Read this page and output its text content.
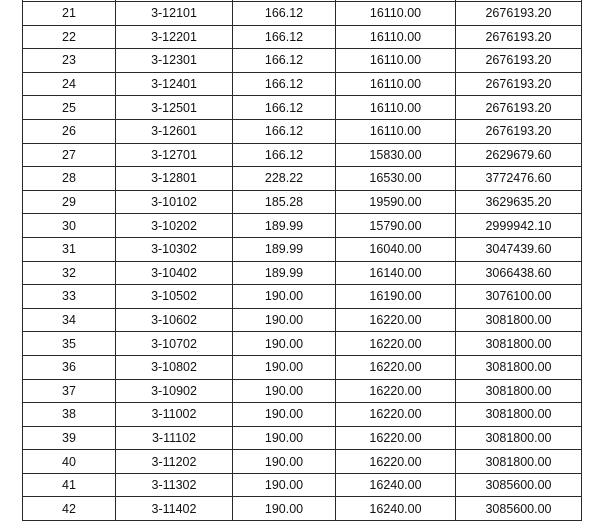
21	3-12101	166.12	16110.00	2676193.20
22	3-12201	166.12	16110.00	2676193.20
23	3-12301	166.12	16110.00	2676193.20
24	3-12401	166.12	16110.00	2676193.20
25	3-12501	166.12	16110.00	2676193.20
26	3-12601	166.12	16110.00	2676193.20
27	3-12701	166.12	15830.00	2629679.60
28	3-12801	228.22	16530.00	3772476.60
29	3-10102	185.28	19590.00	3629635.20
30	3-10202	189.99	15790.00	2999942.10
31	3-10302	189.99	16040.00	3047439.60
32	3-10402	189.99	16140.00	3066438.60
33	3-10502	190.00	16190.00	3076100.00
34	3-10602	190.00	16220.00	3081800.00
35	3-10702	190.00	16220.00	3081800.00
36	3-10802	190.00	16220.00	3081800.00
37	3-10902	190.00	16220.00	3081800.00
38	3-11002	190.00	16220.00	3081800.00
39	3-11102	190.00	16220.00	3081800.00
40	3-11202	190.00	16220.00	3081800.00
41	3-11302	190.00	16240.00	3085600.00
42	3-11402	190.00	16240.00	3085600.00
